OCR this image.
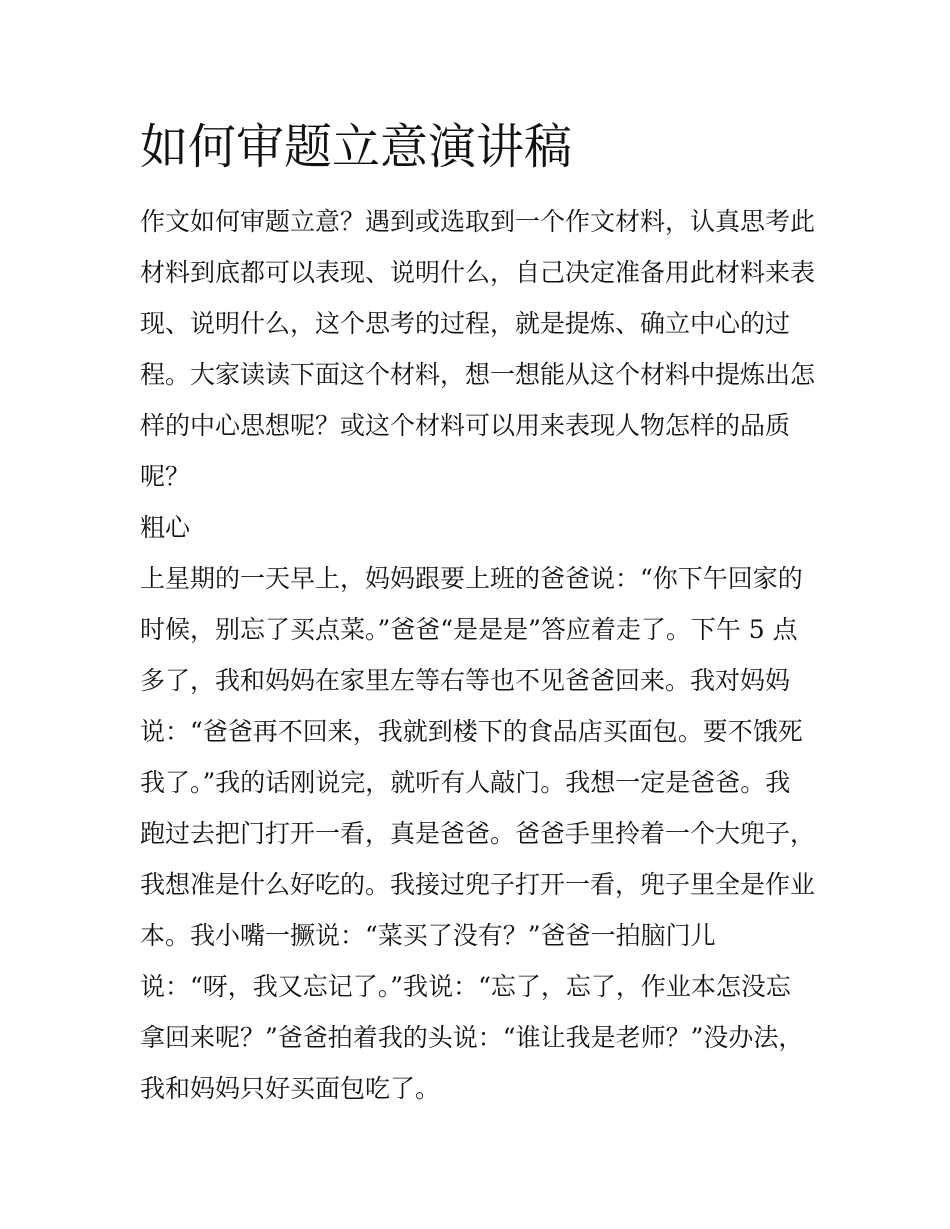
如何审题立意演讲稿

作文如何审题立意？遇到或选取到一个作文材料，认真思考此

材料到底都可以表现、说明什么，自己决定准备用此材料来表

现、说明什么，这个思考的过程，就是提炼、确立中心的过

程。大家读读下面这个材料，想一想能从这个材料中提炼出怎

样的中心思想呢？或这个材料可以用来表现人物怎样的品质

呢？

粗心

上星期的一天早上，妈妈跟要上班的爸爸说：“你下午回家的

时候，别忘了买点菜。”爸爸“是是是”答应着走了。下午 5 点

多了，我和妈妈在家里左等右等也不见爸爸回来。我对妈妈

说：“爸爸再不回来，我就到楼下的食品店买面包。要不饿死

我了。”我的话刚说完，就听有人敲门。我想一定是爸爸。我

跑过去把门打开一看，真是爸爸。爸爸手里拎着一个大兜子，

我想准是什么好吃的。我接过兜子打开一看，兜子里全是作业

本。我小嘴一撅说：“菜买了没有？”爸爸一拍脑门儿

说：“呀，我又忘记了。”我说：“忘了，忘了，作业本怎没忘

拿回来呢？”爸爸拍着我的头说：“谁让我是老师？”没办法，

我和妈妈只好买面包吃了。
